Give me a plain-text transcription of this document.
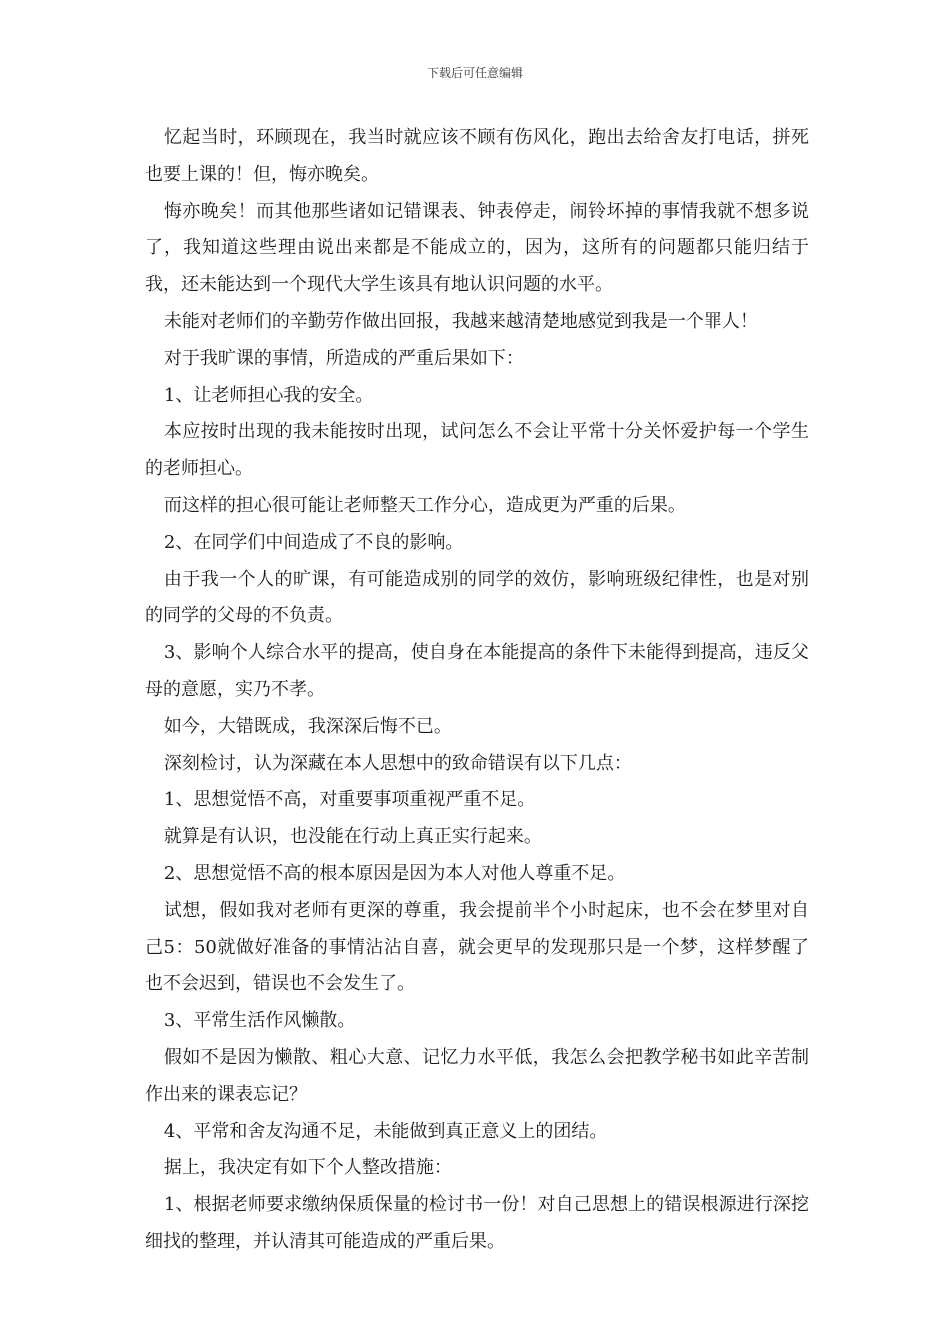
下载后可任意编辑

忆起当时，环顾现在，我当时就应该不顾有伤风化，跑出去给舍友打电话，拼死也要上课的！但，悔亦晚矣。

悔亦晚矣！而其他那些诸如记错课表、钟表停走，闹铃坏掉的事情我就不想多说了，我知道这些理由说出来都是不能成立的，因为，这所有的问题都只能归结于我，还未能达到一个现代大学生该具有地认识问题的水平。

未能对老师们的辛勤劳作做出回报，我越来越清楚地感觉到我是一个罪人！

对于我旷课的事情，所造成的严重后果如下：

1、让老师担心我的安全。

本应按时出现的我未能按时出现，试问怎么不会让平常十分关怀爱护每一个学生的老师担心。

而这样的担心很可能让老师整天工作分心，造成更为严重的后果。

2、在同学们中间造成了不良的影响。

由于我一个人的旷课，有可能造成别的同学的效仿，影响班级纪律性，也是对别的同学的父母的不负责。

3、影响个人综合水平的提高，使自身在本能提高的条件下未能得到提高，违反父母的意愿，实乃不孝。

如今，大错既成，我深深后悔不已。

深刻检讨，认为深藏在本人思想中的致命错误有以下几点：

1、思想觉悟不高，对重要事项重视严重不足。

就算是有认识，也没能在行动上真正实行起来。

2、思想觉悟不高的根本原因是因为本人对他人尊重不足。

试想，假如我对老师有更深的尊重，我会提前半个小时起床，也不会在梦里对自己5：50就做好准备的事情沾沾自喜，就会更早的发现那只是一个梦，这样梦醒了也不会迟到，错误也不会发生了。

3、平常生活作风懒散。

假如不是因为懒散、粗心大意、记忆力水平低，我怎么会把教学秘书如此辛苦制作出来的课表忘记？

4、平常和舍友沟通不足，未能做到真正意义上的团结。

据上，我决定有如下个人整改措施：

1、根据老师要求缴纳保质保量的检讨书一份！对自己思想上的错误根源进行深挖细找的整理，并认清其可能造成的严重后果。
